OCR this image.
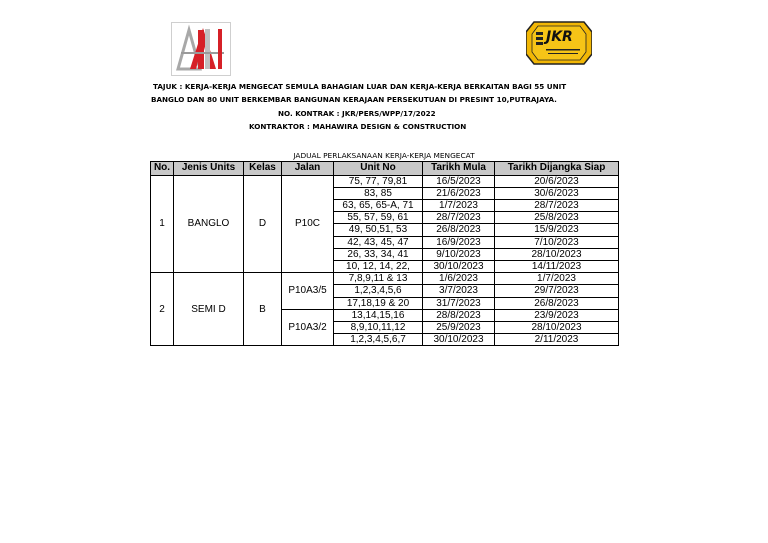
JKR
TAJUK : KERJA-KERJA MENGECAT SEMULA BAHAGIAN LUAR DAN KERJA-KERJA BERKAITAN BAGI 55 UNIT
BANGLO DAN 80 UNIT BERKEMBAR BANGUNAN KERAJAAN PERSEKUTUAN DI PRESINT 10,PUTRAJAYA.
NO. KONTRAK : JKR/PERS/WPP/17/2022
KONTRAKTOR : MAHAWIRA DESIGN & CONSTRUCTION
JADUAL PERLAKSANAAN KERJA-KERJA MENGECAT
No.	Jenis Units	Kelas	Jalan	Unit No	Tarikh Mula	Tarikh Dijangka Siap
1	BANGLO	D	P10C	75, 77, 79,81	16/5/2023	20/6/2023
				83, 85	21/6/2023	30/6/2023
				63, 65, 65-A, 71	1/7/2023	28/7/2023
				55, 57, 59, 61	28/7/2023	25/8/2023
				49, 50,51, 53	26/8/2023	15/9/2023
				42, 43, 45, 47	16/9/2023	7/10/2023
				26, 33, 34, 41	9/10/2023	28/10/2023
				10, 12, 14, 22,	30/10/2023	14/11/2023
2	SEMI D	B	P10A3/5	7,8,9,11 & 13	1/6/2023	1/7/2023
				1,2,3,4,5,6	3/7/2023	29/7/2023
				17,18,19 & 20	31/7/2023	26/8/2023
			P10A3/2	13,14,15,16	28/8/2023	23/9/2023
				8,9,10,11,12	25/9/2023	28/10/2023
				1,2,3,4,5,6,7	30/10/2023	2/11/2023
